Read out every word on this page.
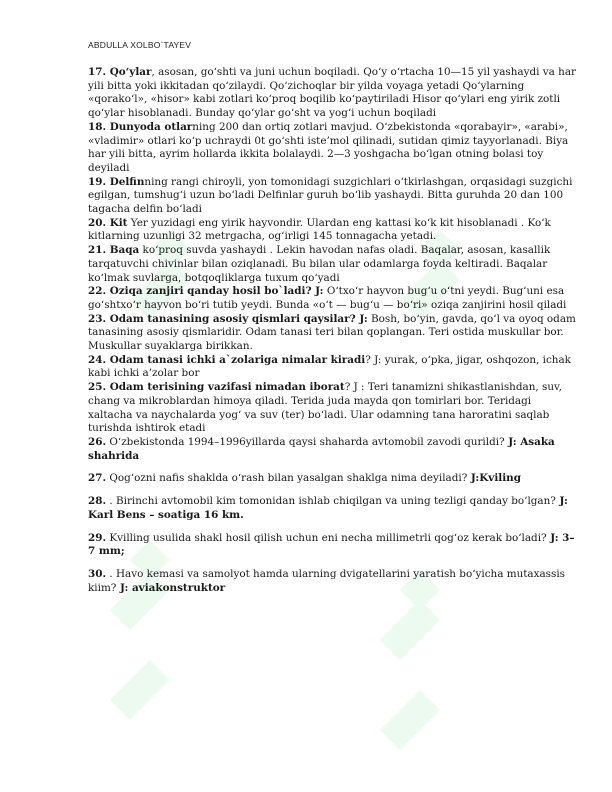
ABDULLA XOLBO`TAYEV

17. Qo‘ylar, asosan, go‘shti va juni uchun boqiladi. Qo‘y o‘rtacha 10—15 yil yashaydi va har yili bitta yoki ikkitadan qo‘zilaydi. Qo‘zichoqlar bir yilda voyaga yetadi Qo‘ylarning «qorako‘l», «hisor» kabi zotlari ko‘proq boqilib ko‘paytiriladi Hisor qo‘ylari eng yirik zotli qo‘ylar hisoblanadi. Bunday qo‘ylar go‘sht va yog‘i uchun boqiladi

18. Dunyoda otlarning 200 dan ortiq zotlari mavjud. O‘zbekistonda «qorabayir», «arabi», «vladimir» otlari ko‘p uchraydi 0t go‘shti iste’mol qilinadi, sutidan qimiz tayyorlanadi. Biya har yili bitta, ayrim hollarda ikkita bolalaydi. 2—3 yoshgacha bo‘lgan otning bolasi toy deyiladi

19. Delfinning rangi chiroyli, yon tomonidagi suzgichlari o‘tkirlashgan, orqasidagi suzgichi egilgan, tumshug‘i uzun bo‘ladi Delfinlar guruh bo‘lib yashaydi. Bitta guruhda 20 dan 100 tagacha delfin bo‘ladi

20. Kit Yer yuzidagi eng yirik hayvondir. Ulardan eng kattasi ko‘k kit hisoblanadi . Ko‘k kitlarning uzunligi 32 metrgacha, og‘irligi 145 tonnagacha yetadi.

21. Baqa ko‘proq suvda yashaydi . Lekin havodan nafas oladi. Baqalar, asosan, kasallik tarqatuvchi chivinlar bilan oziqlanadi. Bu bilan ular odamlarga foyda keltiradi. Baqalar ko‘lmak suvlarga, botqoqliklarga tuxum qo‘yadi

22. Oziqa zanjiri qanday hosil bo`ladi? J: O‘txo‘r hayvon bug‘u o‘tni yeydi. Bug‘uni esa go‘shtxo‘r hayvon bo‘ri tutib yeydi. Bunda «o‘t — bug‘u — bo‘ri» oziqa zanjirini hosil qiladi

23. Odam tanasining asosiy qismlari qaysilar? J: Bosh, bo‘yin, gavda, qo‘l va oyoq odam tanasining asosiy qismlaridir. Odam tanasi teri bilan qoplangan. Teri ostida muskullar bor. Muskullar suyaklarga birikkan.

24. Odam tanasi ichki a`zolariga nimalar kiradi? J: yurak, o‘pka, jigar, oshqozon, ichak kabi ichki a’zolar bor

25. Odam terisining vazifasi nimadan iborat? J : Teri tanamizni shikastlanishdan, suv, chang va mikroblardan himoya qiladi. Terida juda mayda qon tomirlari bor. Teridagi xaltacha va naychalarda yog‘ va suv (ter) bo‘ladi. Ular odamning tana haroratini saqlab turishda ishtirok etadi

26. O‘zbekistonda 1994–1996yillarda qaysi shaharda avtomobil zavodi qurildi? J: Asaka shahrida

27. Qog‘ozni nafis shaklda o‘rash bilan yasalgan shaklga nima deyiladi? J:Kviling

28. . Birinchi avtomobil kim tomonidan ishlab chiqilgan va uning tezligi qanday bo‘lgan? J: Karl Bens – soatiga 16 km.

29. Kvilling usulida shakl hosil qilish uchun eni necha millimetrli qog‘oz kerak bo‘ladi? J: 3–7 mm;

30. . Havo kemasi va samolyot hamda ularning dvigatellarini yaratish bo‘yicha mutaxassis kiim? J: aviakonstruktor
